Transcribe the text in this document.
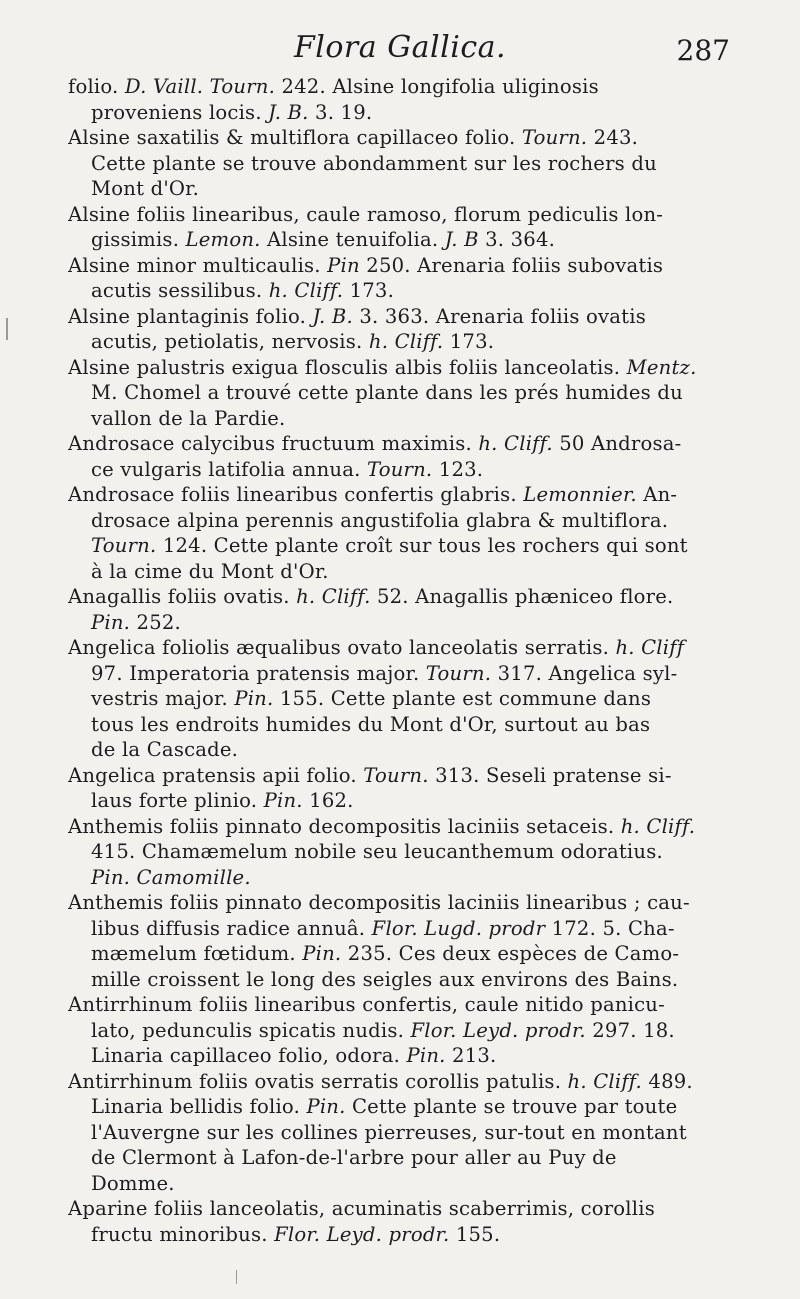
Flora Gallica.	287
folio. D. Vaill. Tourn. 242. Alsine longifolia uliginosis
proveniens locis. J. B. 3. 19.
Alsine saxatilis & multiflora capillaceo folio. Tourn. 243.
Cette plante se trouve abondamment sur les rochers du
Mont d'Or.
Alsine foliis linearibus, caule ramoso, florum pediculis lon-
gissimis. Lemon. Alsine tenuifolia. J. B 3. 364.
Alsine minor multicaulis. Pin 250. Arenaria foliis subovatis
acutis sessilibus. h. Cliff. 173.
Alsine plantaginis folio. J. B. 3. 363. Arenaria foliis ovatis
acutis, petiolatis, nervosis. h. Cliff. 173.
Alsine palustris exigua flosculis albis foliis lanceolatis. Mentz.
M. Chomel a trouvé cette plante dans les prés humides du
vallon de la Pardie.
Androsace calycibus fructuum maximis. h. Cliff. 50 Androsa-
ce vulgaris latifolia annua. Tourn. 123.
Androsace foliis linearibus confertis glabris. Lemonnier. An-
drosace alpina perennis angustifolia glabra & multiflora.
Tourn. 124. Cette plante croît sur tous les rochers qui sont
à la cime du Mont d'Or.
Anagallis foliis ovatis. h. Cliff. 52. Anagallis phæniceo flore.
Pin. 252.
Angelica foliolis æqualibus ovato lanceolatis serratis. h. Cliff
97. Imperatoria pratensis major. Tourn. 317. Angelica syl-
vestris major. Pin. 155. Cette plante est commune dans
tous les endroits humides du Mont d'Or, surtout au bas
de la Cascade.
Angelica pratensis apii folio. Tourn. 313. Seseli pratense si-
laus forte plinio. Pin. 162.
Anthemis foliis pinnato decompositis laciniis setaceis. h. Cliff.
415. Chamæmelum nobile seu leucanthemum odoratius.
Pin. Camomille.
Anthemis foliis pinnato decompositis laciniis linearibus ; cau-
libus diffusis radice annuâ. Flor. Lugd. prodr 172. 5. Cha-
mæmelum fœtidum. Pin. 235. Ces deux espèces de Camo-
mille croissent le long des seigles aux environs des Bains.
Antirrhinum foliis linearibus confertis, caule nitido panicu-
lato, pedunculis spicatis nudis. Flor. Leyd. prodr. 297. 18.
Linaria capillaceo folio, odora. Pin. 213.
Antirrhinum foliis ovatis serratis corollis patulis. h. Cliff. 489.
Linaria bellidis folio. Pin. Cette plante se trouve par toute
l'Auvergne sur les collines pierreuses, sur-tout en montant
de Clermont à Lafon-de-l'arbre pour aller au Puy de
Domme.
Aparine foliis lanceolatis, acuminatis scaberrimis, corollis
fructu minoribus. Flor. Leyd. prodr. 155.
